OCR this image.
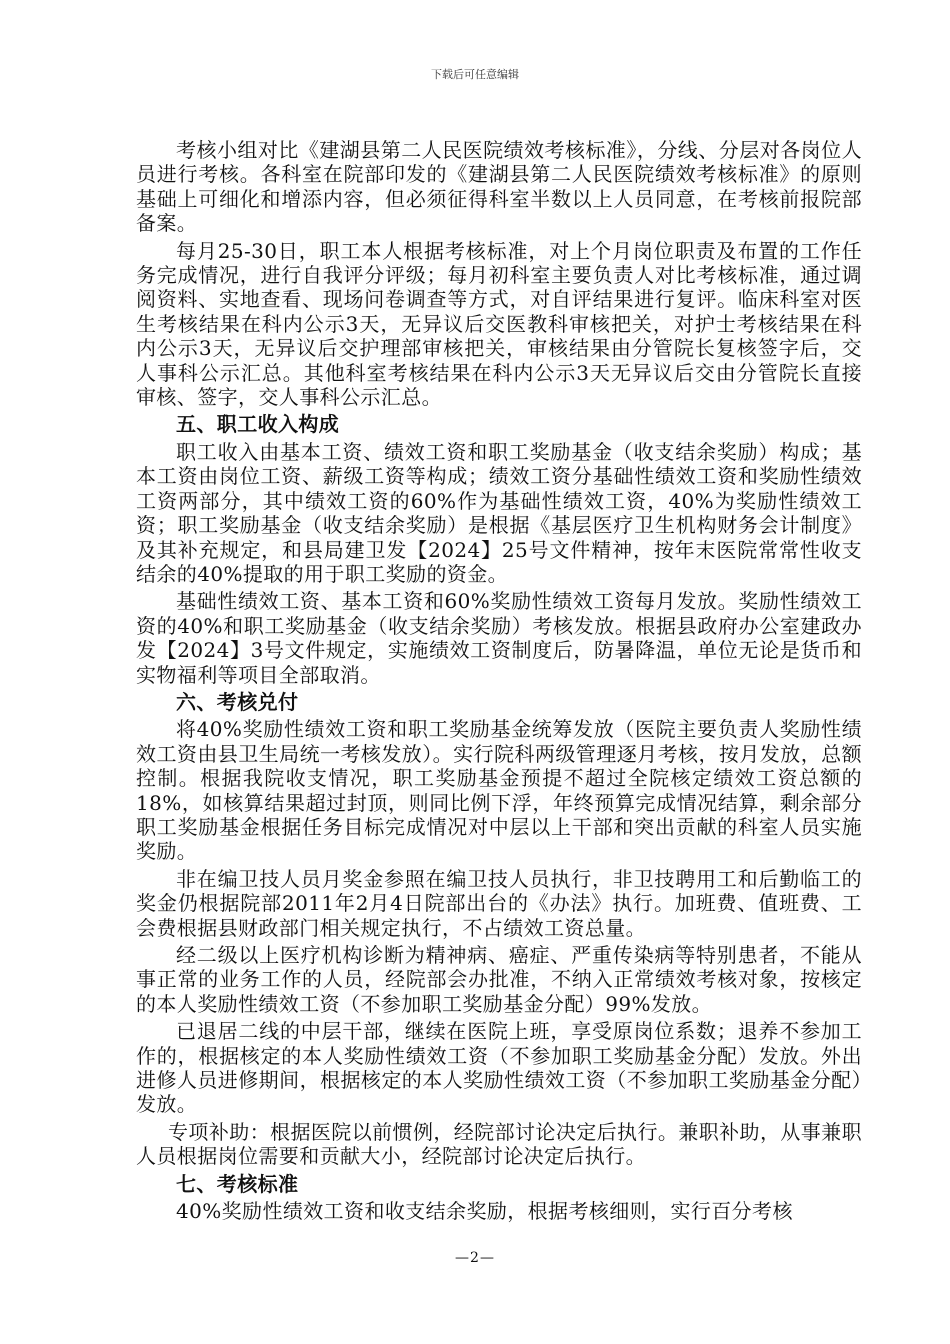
下载后可任意编辑

考核小组对比《建湖县第二人民医院绩效考核标准》，分线、分层对各岗位人员进行考核。各科室在院部印发的《建湖县第二人民医院绩效考核标准》的原则基础上可细化和增添内容，但必须征得科室半数以上人员同意，在考核前报院部备案。

每月25-30日，职工本人根据考核标准，对上个月岗位职责及布置的工作任务完成情况，进行自我评分评级；每月初科室主要负责人对比考核标准，通过调阅资料、实地查看、现场问卷调查等方式，对自评结果进行复评。临床科室对医生考核结果在科内公示3天，无异议后交医教科审核把关，对护士考核结果在科内公示3天，无异议后交护理部审核把关，审核结果由分管院长复核签字后，交人事科公示汇总。其他科室考核结果在科内公示3天无异议后交由分管院长直接审核、签字，交人事科公示汇总。

五、职工收入构成

职工收入由基本工资、绩效工资和职工奖励基金（收支结余奖励）构成；基本工资由岗位工资、薪级工资等构成；绩效工资分基础性绩效工资和奖励性绩效工资两部分，其中绩效工资的60%作为基础性绩效工资，40%为奖励性绩效工资；职工奖励基金（收支结余奖励）是根据《基层医疗卫生机构财务会计制度》及其补充规定，和县局建卫发【2024】25号文件精神，按年末医院常常性收支结余的40%提取的用于职工奖励的资金。

基础性绩效工资、基本工资和60%奖励性绩效工资每月发放。奖励性绩效工资的40%和职工奖励基金（收支结余奖励）考核发放。根据县政府办公室建政办发【2024】3号文件规定，实施绩效工资制度后，防暑降温，单位无论是货币和实物福利等项目全部取消。

六、考核兑付

将40%奖励性绩效工资和职工奖励基金统筹发放（医院主要负责人奖励性绩效工资由县卫生局统一考核发放）。实行院科两级管理逐月考核，按月发放，总额控制。根据我院收支情况，职工奖励基金预提不超过全院核定绩效工资总额的18%，如核算结果超过封顶，则同比例下浮，年终预算完成情况结算，剩余部分职工奖励基金根据任务目标完成情况对中层以上干部和突出贡献的科室人员实施奖励。

非在编卫技人员月奖金参照在编卫技人员执行，非卫技聘用工和后勤临工的奖金仍根据院部2011年2月4日院部出台的《办法》执行。加班费、值班费、工会费根据县财政部门相关规定执行，不占绩效工资总量。

经二级以上医疗机构诊断为精神病、癌症、严重传染病等特别患者，不能从事正常的业务工作的人员，经院部会办批准，不纳入正常绩效考核对象，按核定的本人奖励性绩效工资（不参加职工奖励基金分配）99%发放。

已退居二线的中层干部，继续在医院上班，享受原岗位系数；退养不参加工作的，根据核定的本人奖励性绩效工资（不参加职工奖励基金分配）发放。外出进修人员进修期间，根据核定的本人奖励性绩效工资（不参加职工奖励基金分配）发放。

专项补助：根据医院以前惯例，经院部讨论决定后执行。兼职补助，从事兼职人员根据岗位需要和贡献大小，经院部讨论决定后执行。

七、考核标准

40%奖励性绩效工资和收支结余奖励，根据考核细则，实行百分考核

—2—
